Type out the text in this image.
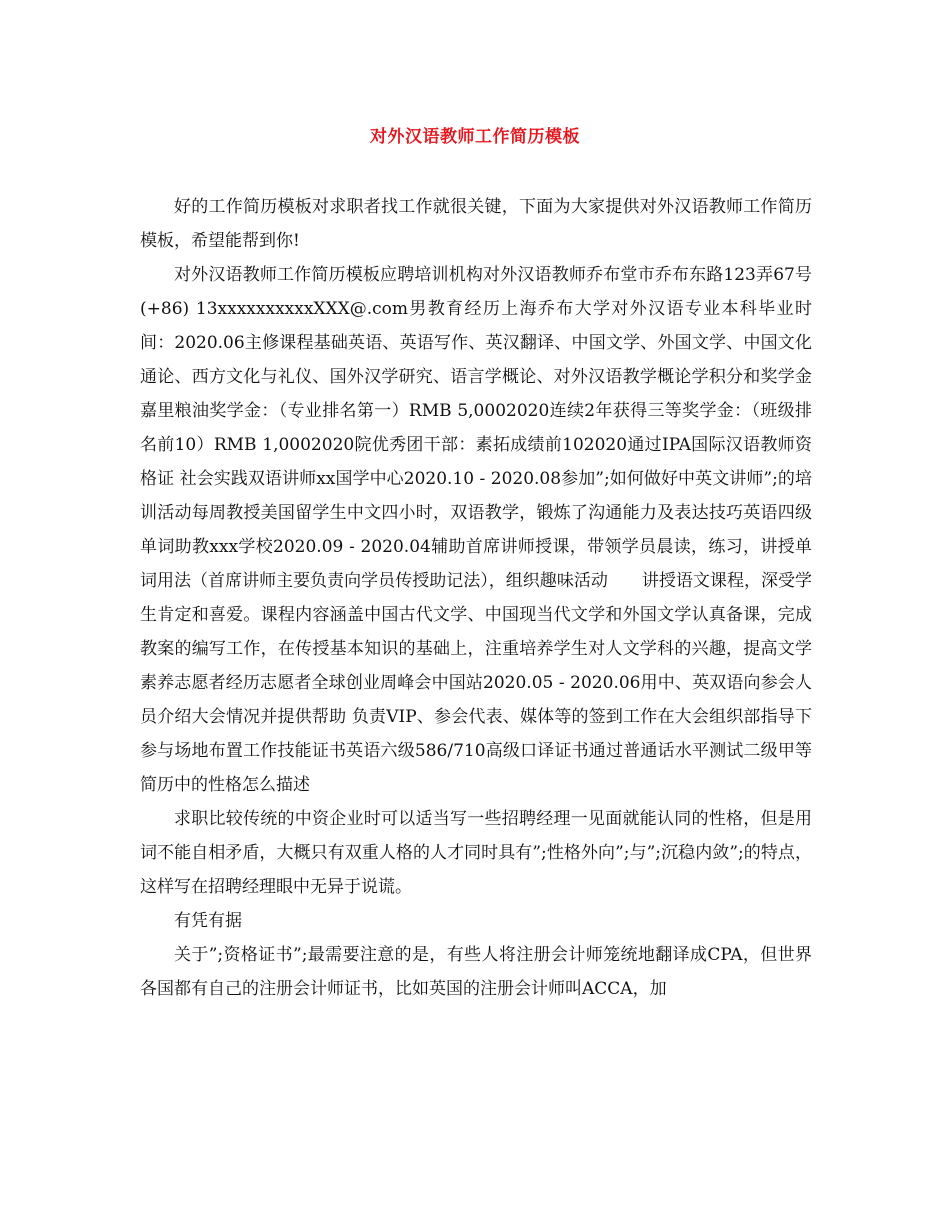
对外汉语教师工作简历模板

好的工作简历模板对求职者找工作就很关键，下面为大家提供对外汉语教师工作简历模板，希望能帮到你!

对外汉语教师工作简历模板应聘培训机构对外汉语教师乔布堂市乔布东路123弄67号(+86) 13xxxxxxxxxxXXX@.com男教育经历上海乔布大学对外汉语专业本科毕业时间：2020.06主修课程基础英语、英语写作、英汉翻译、中国文学、外国文学、中国文化通论、西方文化与礼仪、国外汉学研究、语言学概论、对外汉语教学概论学积分和奖学金嘉里粮油奖学金：（专业排名第一）RMB 5,0002020连续2年获得三等奖学金：（班级排名前10）RMB 1,0002020院优秀团干部：素拓成绩前102020通过IPA国际汉语教师资格证 社会实践双语讲师xx国学中心2020.10 - 2020.08参加”;如何做好中英文讲师”;的培训活动每周教授美国留学生中文四小时，双语教学，锻炼了沟通能力及表达技巧英语四级单词助教xxx学校2020.09 - 2020.04辅助首席讲师授课，带领学员晨读，练习，讲授单词用法（首席讲师主要负责向学员传授助记法），组织趣味活动　　讲授语文课程，深受学生肯定和喜爱。课程内容涵盖中国古代文学、中国现当代文学和外国文学认真备课，完成教案的编写工作，在传授基本知识的基础上，注重培养学生对人文学科的兴趣，提高文学素养志愿者经历志愿者全球创业周峰会中国站2020.05 - 2020.06用中、英双语向参会人员介绍大会情况并提供帮助 负责VIP、参会代表、媒体等的签到工作在大会组织部指导下参与场地布置工作技能证书英语六级586/710高级口译证书通过普通话水平测试二级甲等　　简历中的性格怎么描述

求职比较传统的中资企业时可以适当写一些招聘经理一见面就能认同的性格，但是用词不能自相矛盾，大概只有双重人格的人才同时具有”;性格外向”;与”;沉稳内敛”;的特点，这样写在招聘经理眼中无异于说谎。

有凭有据

关于”;资格证书”;最需要注意的是，有些人将注册会计师笼统地翻译成CPA，但世界各国都有自己的注册会计师证书，比如英国的注册会计师叫ACCA，加
